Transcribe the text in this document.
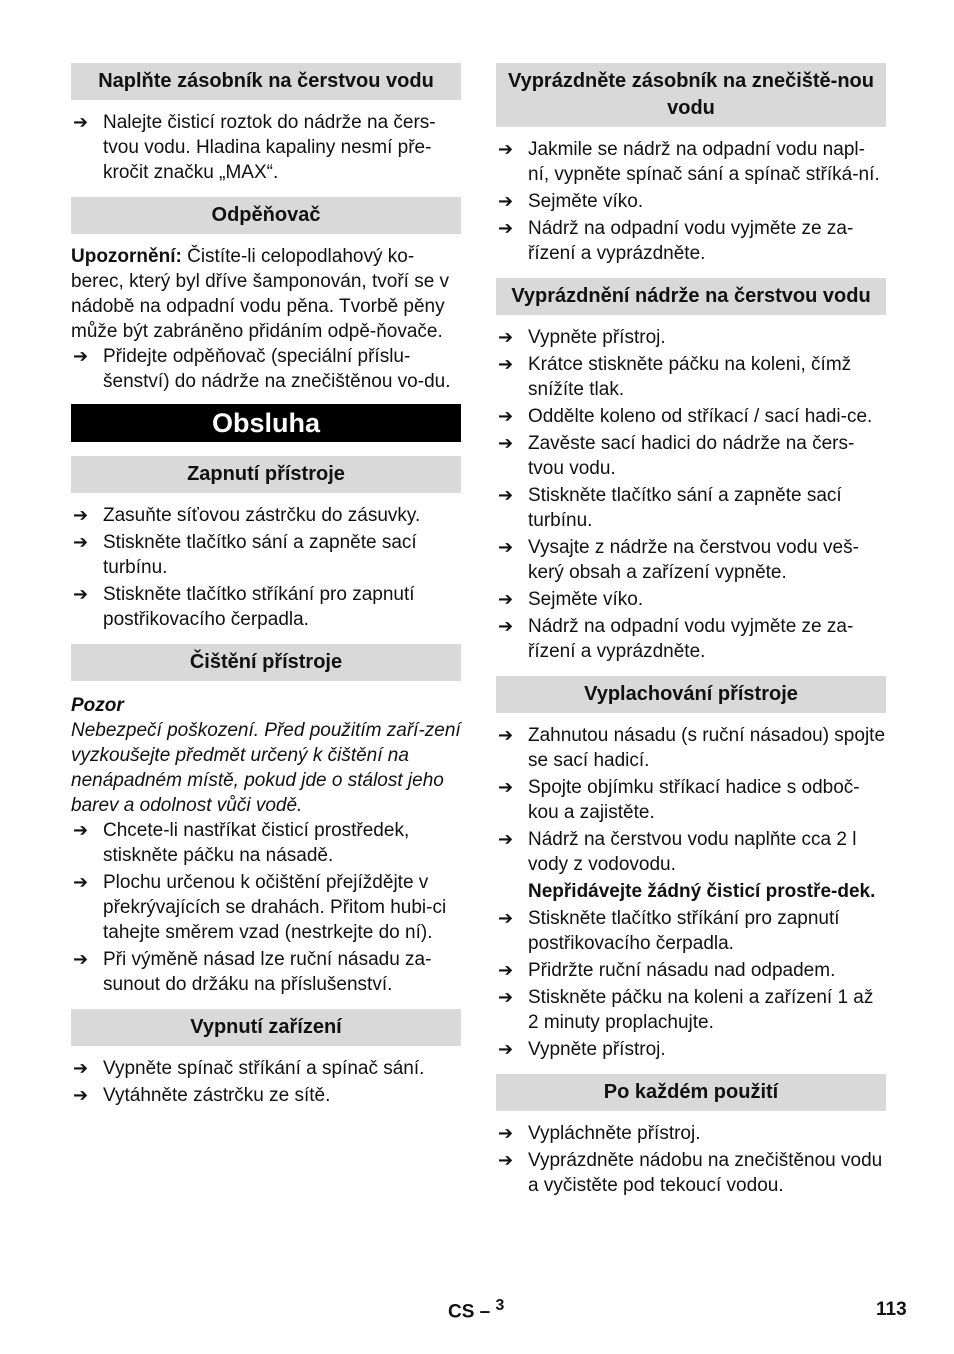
Naplňte zásobník na čerstvou vodu
➔ Nalejte čisticí roztok do nádrže na čers-tvou vodu. Hladina kapaliny nesmí pře-kročit značku „MAX“.
Odpěňovač

Upozornění: Čistíte-li celopodlahový ko-berec, který byl dříve šamponován, tvoří se v nádobě na odpadní vodu pěna. Tvorbě pěny může být zabráněno přidáním odpě-ňovače.

➔ Přidejte odpěňovač (speciální příslu-šenství) do nádrže na znečištěnou vo-du.
Obsluha
Zapnutí přístroje
➔ Zasuňte síťovou zástrčku do zásuvky.
➔ Stiskněte tlačítko sání a zapněte sací turbínu.
➔ Stiskněte tlačítko stříkání pro zapnutí postřikovacího čerpadla.
Čištění přístroje
Pozor
Nebezpečí poškození. Před použitím zaří-zení vyzkoušejte předmět určený k čištění na nenápadném místě, pokud jde o stálost jeho barev a odolnost vůči vodě.
➔ Chcete-li nastříkat čisticí prostředek, stiskněte páčku na násadě.
➔ Plochu určenou k očištění přejíždějte v překrývajících se drahách. Přitom hubi-ci tahejte směrem vzad (nestrkejte do ní).
➔ Při výměně násad lze ruční násadu za-sunout do držáku na příslušenství.
Vypnutí zařízení
➔ Vypněte spínač stříkání a spínač sání.
➔ Vytáhněte zástrčku ze sítě.
Vyprázdněte zásobník na znečiště-nou vodu
➔ Jakmile se nádrž na odpadní vodu napl-ní, vypněte spínač sání a spínač stříká-ní.
➔ Sejměte víko.
➔ Nádrž na odpadní vodu vyjměte ze za-řízení a vyprázdněte.
Vyprázdnění nádrže na čerstvou vodu
➔ Vypněte přístroj.
➔ Krátce stiskněte páčku na koleni, čímž snížíte tlak.
➔ Oddělte koleno od stříkací / sací hadi-ce.
➔ Zavěste sací hadici do nádrže na čers-tvou vodu.
➔ Stiskněte tlačítko sání a zapněte sací turbínu.
➔ Vysajte z nádrže na čerstvou vodu veš-kerý obsah a zařízení vypněte.
➔ Sejměte víko.
➔ Nádrž na odpadní vodu vyjměte ze za-řízení a vyprázdněte.
Vyplachování přístroje
➔ Zahnutou násadu (s ruční násadou) spojte se sací hadicí.
➔ Spojte objímku stříkací hadice s odboč-kou a zajistěte.
➔ Nádrž na čerstvou vodu naplňte cca 2 l vody z vodovodu.
Nepřidávejte žádný čisticí prostře-dek.
➔ Stiskněte tlačítko stříkání pro zapnutí postřikovacího čerpadla.
➔ Přidržte ruční násadu nad odpadem.
➔ Stiskněte páčku na koleni a zařízení 1 až 2 minuty proplachujte.
➔ Vypněte přístroj.
Po každém použití
➔ Vypláchněte přístroj.
➔ Vyprázdněte nádobu na znečištěnou vodu a vyčistěte pod tekoucí vodou.
CS – $^3$	113
